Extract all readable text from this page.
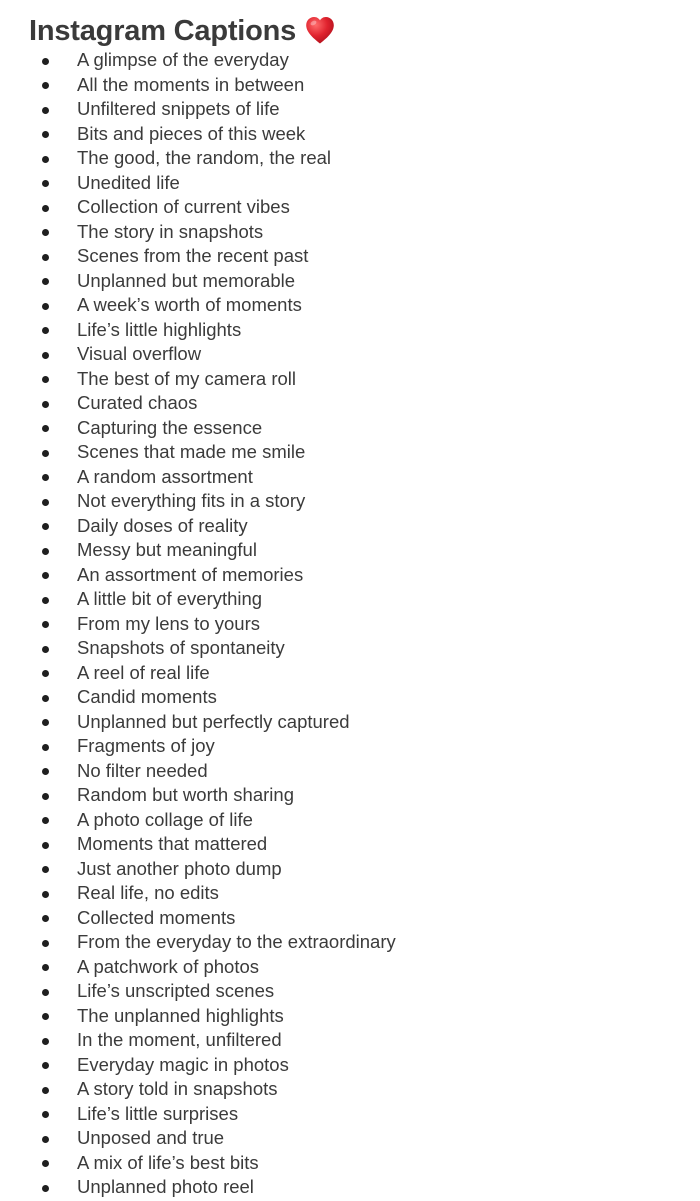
Instagram Captions
A glimpse of the everyday
All the moments in between
Unfiltered snippets of life
Bits and pieces of this week
The good, the random, the real
Unedited life
Collection of current vibes
The story in snapshots
Scenes from the recent past
Unplanned but memorable
A week’s worth of moments
Life’s little highlights
Visual overflow
The best of my camera roll
Curated chaos
Capturing the essence
Scenes that made me smile
A random assortment
Not everything fits in a story
Daily doses of reality
Messy but meaningful
An assortment of memories
A little bit of everything
From my lens to yours
Snapshots of spontaneity
A reel of real life
Candid moments
Unplanned but perfectly captured
Fragments of joy
No filter needed
Random but worth sharing
A photo collage of life
Moments that mattered
Just another photo dump
Real life, no edits
Collected moments
From the everyday to the extraordinary
A patchwork of photos
Life’s unscripted scenes
The unplanned highlights
In the moment, unfiltered
Everyday magic in photos
A story told in snapshots
Life’s little surprises
Unposed and true
A mix of life’s best bits
Unplanned photo reel
